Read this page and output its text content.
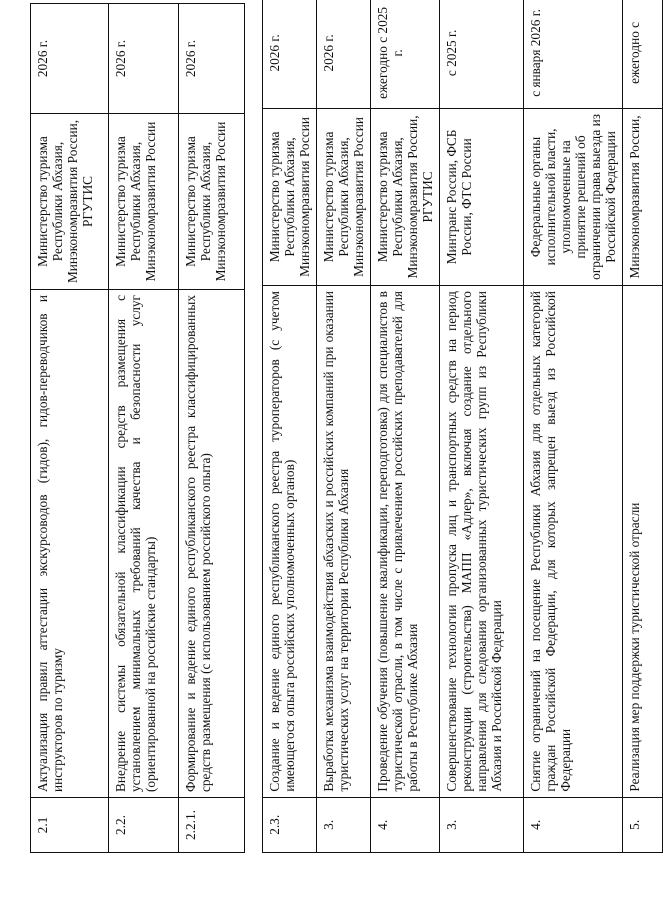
2.1	Актуализация правил аттестации экскурсоводов (гидов), гидов-переводчиков и инструкторов по туризму	Министерство туризма Республики Абхазия, Минэкономразвития России, РГУТИС	2026 г.
2.2.	Внедрение системы обязательной классификации средств размещения с установлением минимальных требований качества и безопасности услуг (ориентированной на российские стандарты)	Министерство туризма Республики Абхазия, Минэкономразвития России	2026 г.
2.2.1.	Формирование и ведение единого республиканского реестра классифицированных средств размещения (с использованием российского опыта)	Министерство туризма Республики Абхазия, Минэкономразвития России	2026 г.
2.3.	Создание и ведение единого республиканского реестра туроператоров (с учетом имеющегося опыта российских уполномоченных органов)	Министерство туризма Республики Абхазия, Минэкономразвития России	2026 г.
3.	Выработка механизма взаимодействия абхазских и российских компаний при оказании туристических услуг на территории Республики Абхазия	Министерство туризма Республики Абхазия, Минэкономразвития России	2026 г.
4.	Проведение обучения (повышение квалификации, переподготовка) для специалистов в туристической отрасли, в том числе с привлечением российских преподавателей для работы в Республике Абхазия	Министерство туризма Республики Абхазия, Минэкономразвития России, РГУТИС	ежегодно с 2025 г.
3.	Совершенствование технологии пропуска лиц и транспортных средств на период реконструкции (строительства) МАПП «Адлер», включая создание отдельного направления для следования организованных туристических групп из Республики Абхазия и Российской Федерации	Минтранс России, ФСБ России, ФТС России	с 2025 г.
4.	Снятие ограничений на посещение Республики Абхазия для отдельных категорий граждан Российской Федерации, для которых запрещен выезд из Российской Федерации	Федеральные органы исполнительной власти, уполномоченные на принятие решений об ограничении права выезда из Российской Федерации	с января 2026 г.
5.	Реализация мер поддержки туристической отрасли	Минэкономразвития России,	ежегодно с
